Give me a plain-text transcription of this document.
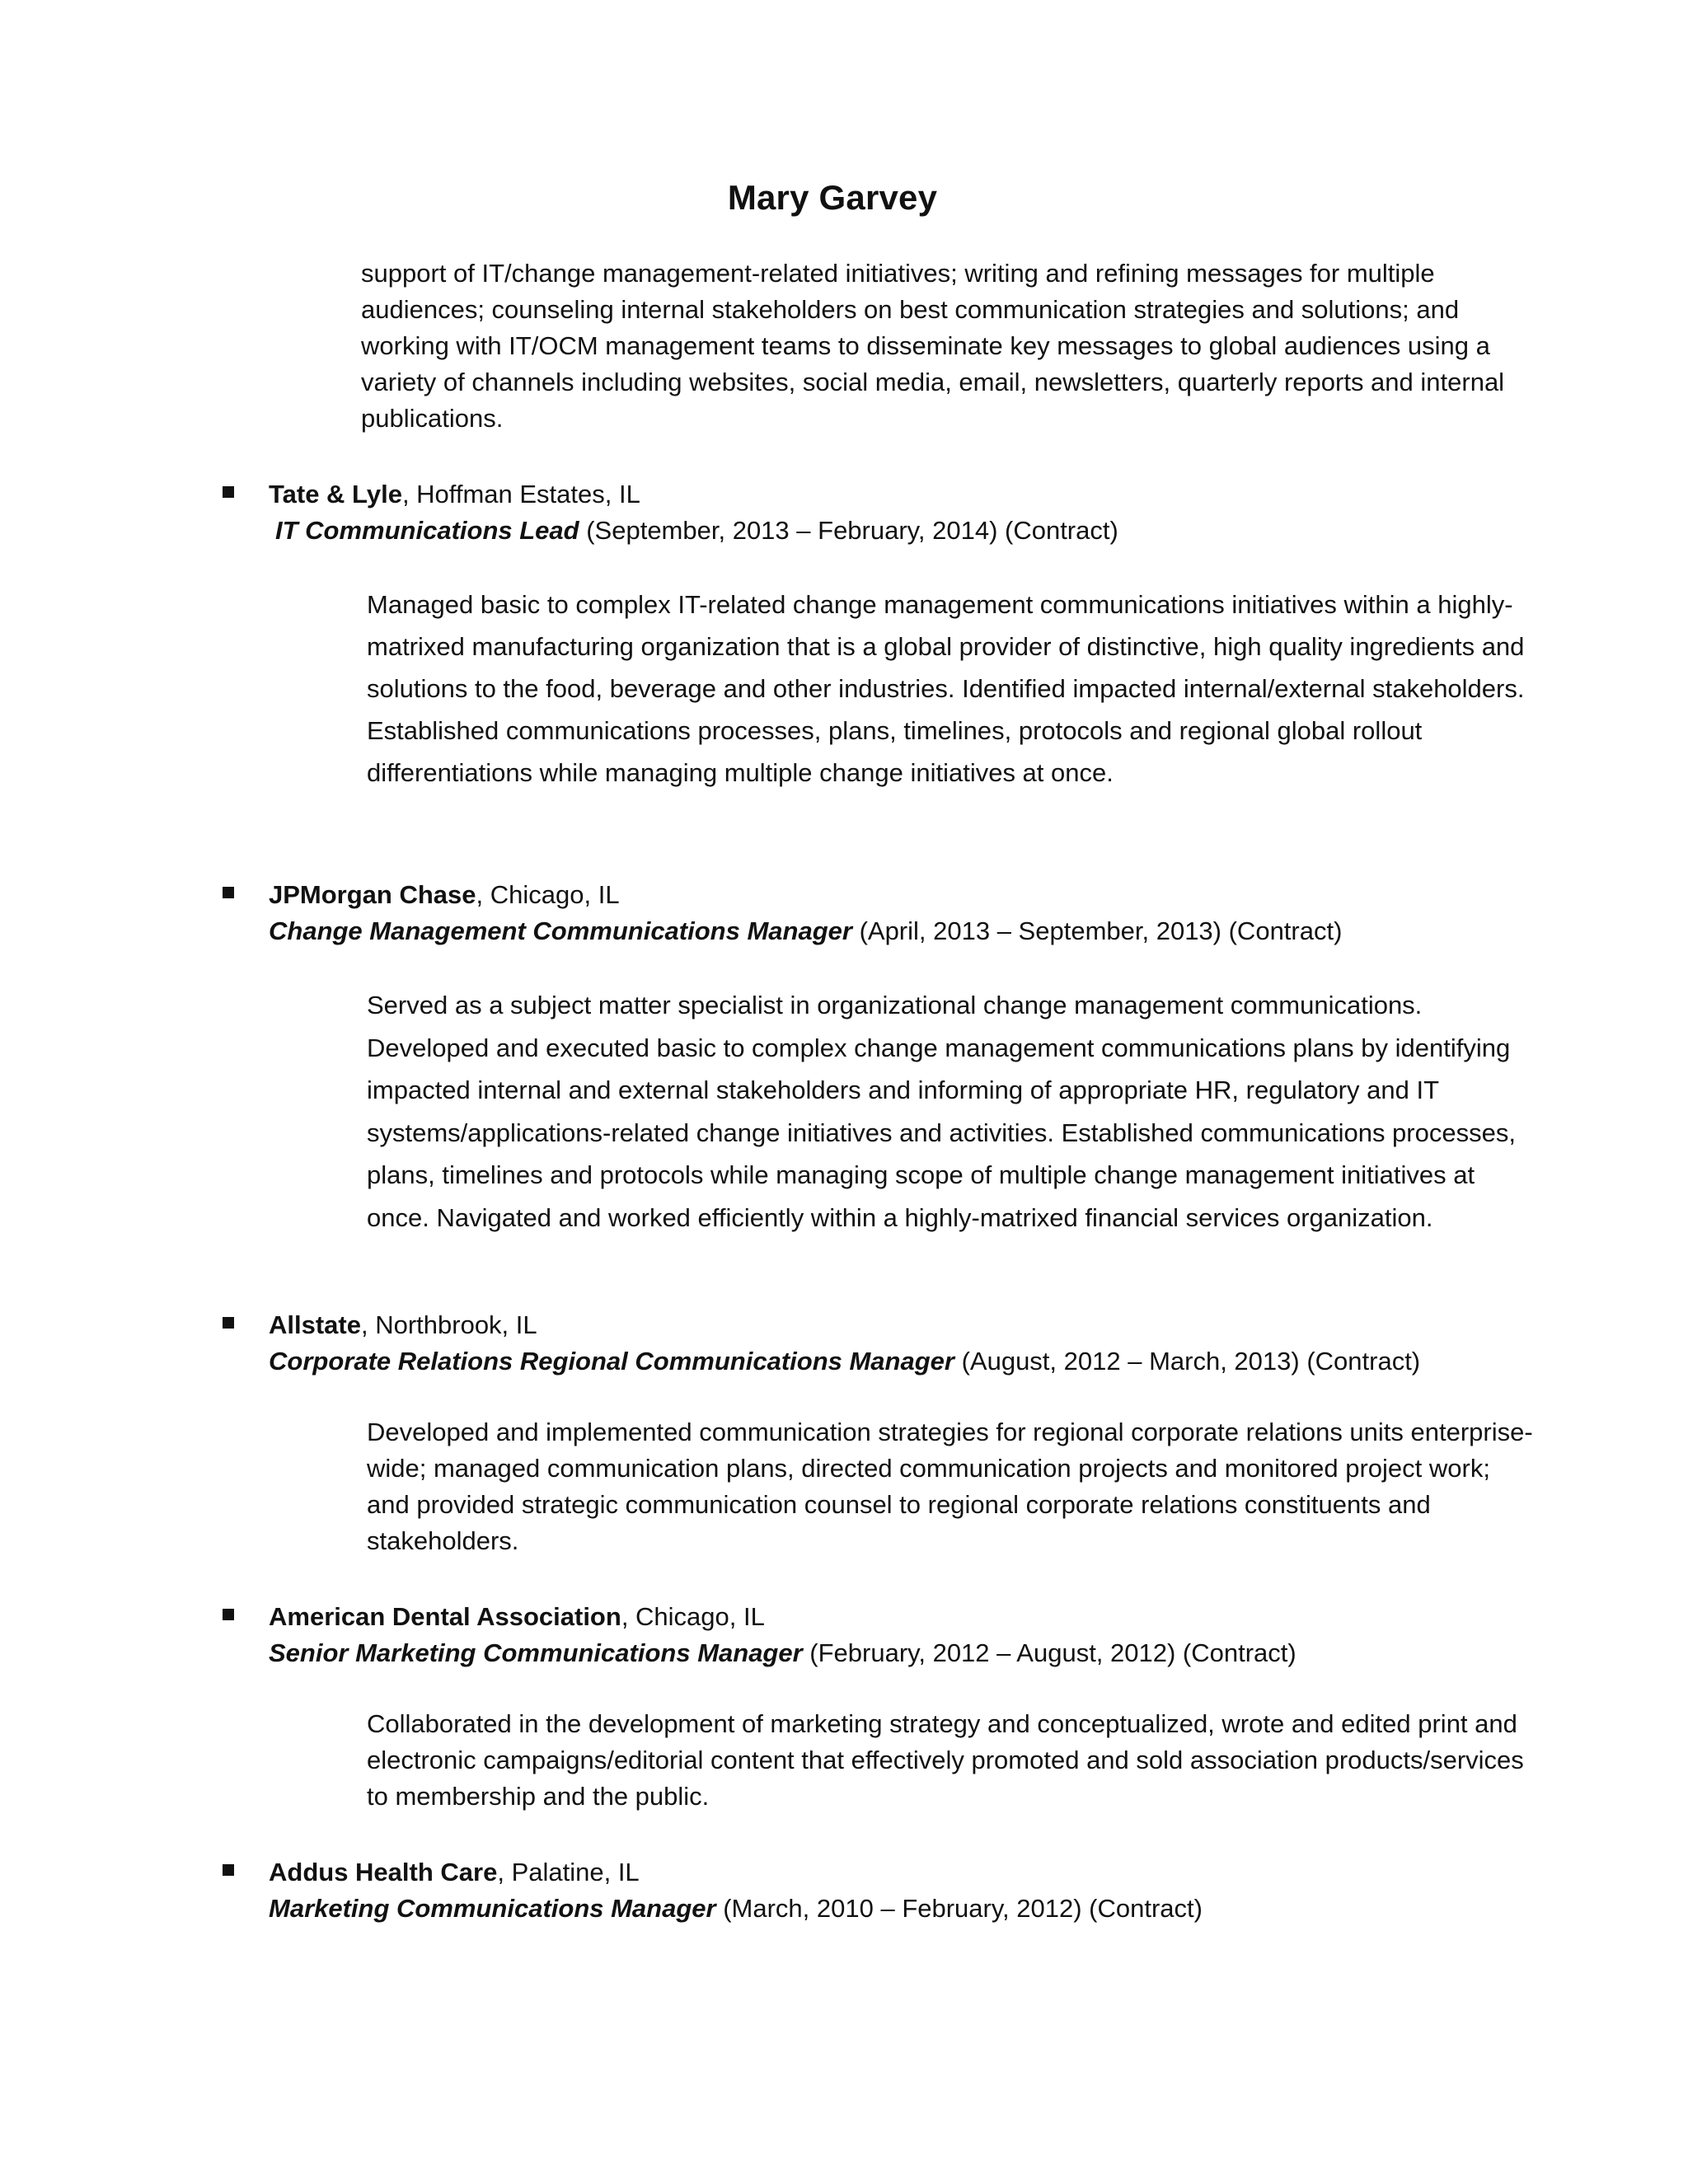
Mary Garvey

support of IT/change management-related initiatives; writing and refining messages for multiple audiences; counseling internal stakeholders on best communication strategies and solutions; and working with IT/OCM management teams to disseminate key messages to global audiences using a variety of channels including websites, social media, email, newsletters, quarterly reports and internal publications.

Tate & Lyle, Hoffman Estates, IL
IT Communications Lead (September, 2013 – February, 2014) (Contract)

Managed basic to complex IT-related change management communications initiatives within a highly-matrixed manufacturing organization that is a global provider of distinctive, high quality ingredients and solutions to the food, beverage and other industries. Identified impacted internal/external stakeholders. Established communications processes, plans, timelines, protocols and regional global rollout differentiations while managing multiple change initiatives at once.

JPMorgan Chase, Chicago, IL
Change Management Communications Manager (April, 2013 – September, 2013) (Contract)

Served as a subject matter specialist in organizational change management communications. Developed and executed basic to complex change management communications plans by identifying impacted internal and external stakeholders and informing of appropriate HR, regulatory and IT systems/applications-related change initiatives and activities. Established communications processes, plans, timelines and protocols while managing scope of multiple change management initiatives at once. Navigated and worked efficiently within a highly-matrixed financial services organization.

Allstate, Northbrook, IL
Corporate Relations Regional Communications Manager (August, 2012 – March, 2013) (Contract)

Developed and implemented communication strategies for regional corporate relations units enterprise-wide; managed communication plans, directed communication projects and monitored project work; and provided strategic communication counsel to regional corporate relations constituents and stakeholders.

American Dental Association, Chicago, IL
Senior Marketing Communications Manager (February, 2012 – August, 2012) (Contract)

Collaborated in the development of marketing strategy and conceptualized, wrote and edited print and electronic campaigns/editorial content that effectively promoted and sold association products/services to membership and the public.

Addus Health Care, Palatine, IL
Marketing Communications Manager (March, 2010 – February, 2012) (Contract)
